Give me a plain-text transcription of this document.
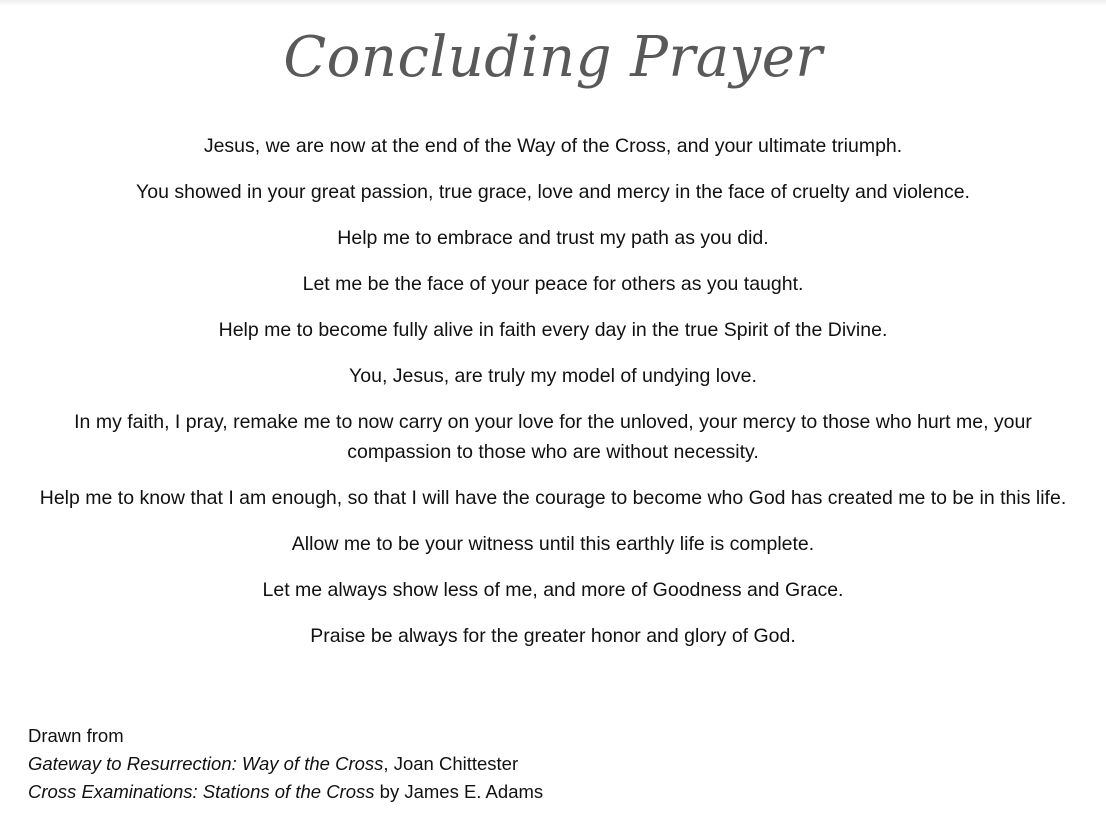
Concluding Prayer

Jesus, we are now at the end of the Way of the Cross, and your ultimate triumph.

You showed in your great passion, true grace, love and mercy in the face of cruelty and violence.

Help me to embrace and trust my path as you did.

Let me be the face of your peace for others as you taught.

Help me to become fully alive in faith every day in the true Spirit of the Divine.

You, Jesus, are truly my model of undying love.

In my faith, I pray, remake me to now carry on your love for the unloved, your mercy to those who hurt me, your compassion to those who are without necessity.

Help me to know that I am enough, so that I will have the courage to become who God has created me to be in this life.

Allow me to be your witness until this earthly life is complete.

Let me always show less of me, and more of Goodness and Grace.

Praise be always for the greater honor and glory of God.

Drawn from
Gateway to Resurrection: Way of the Cross, Joan Chittester
Cross Examinations: Stations of the Cross by James E. Adams
